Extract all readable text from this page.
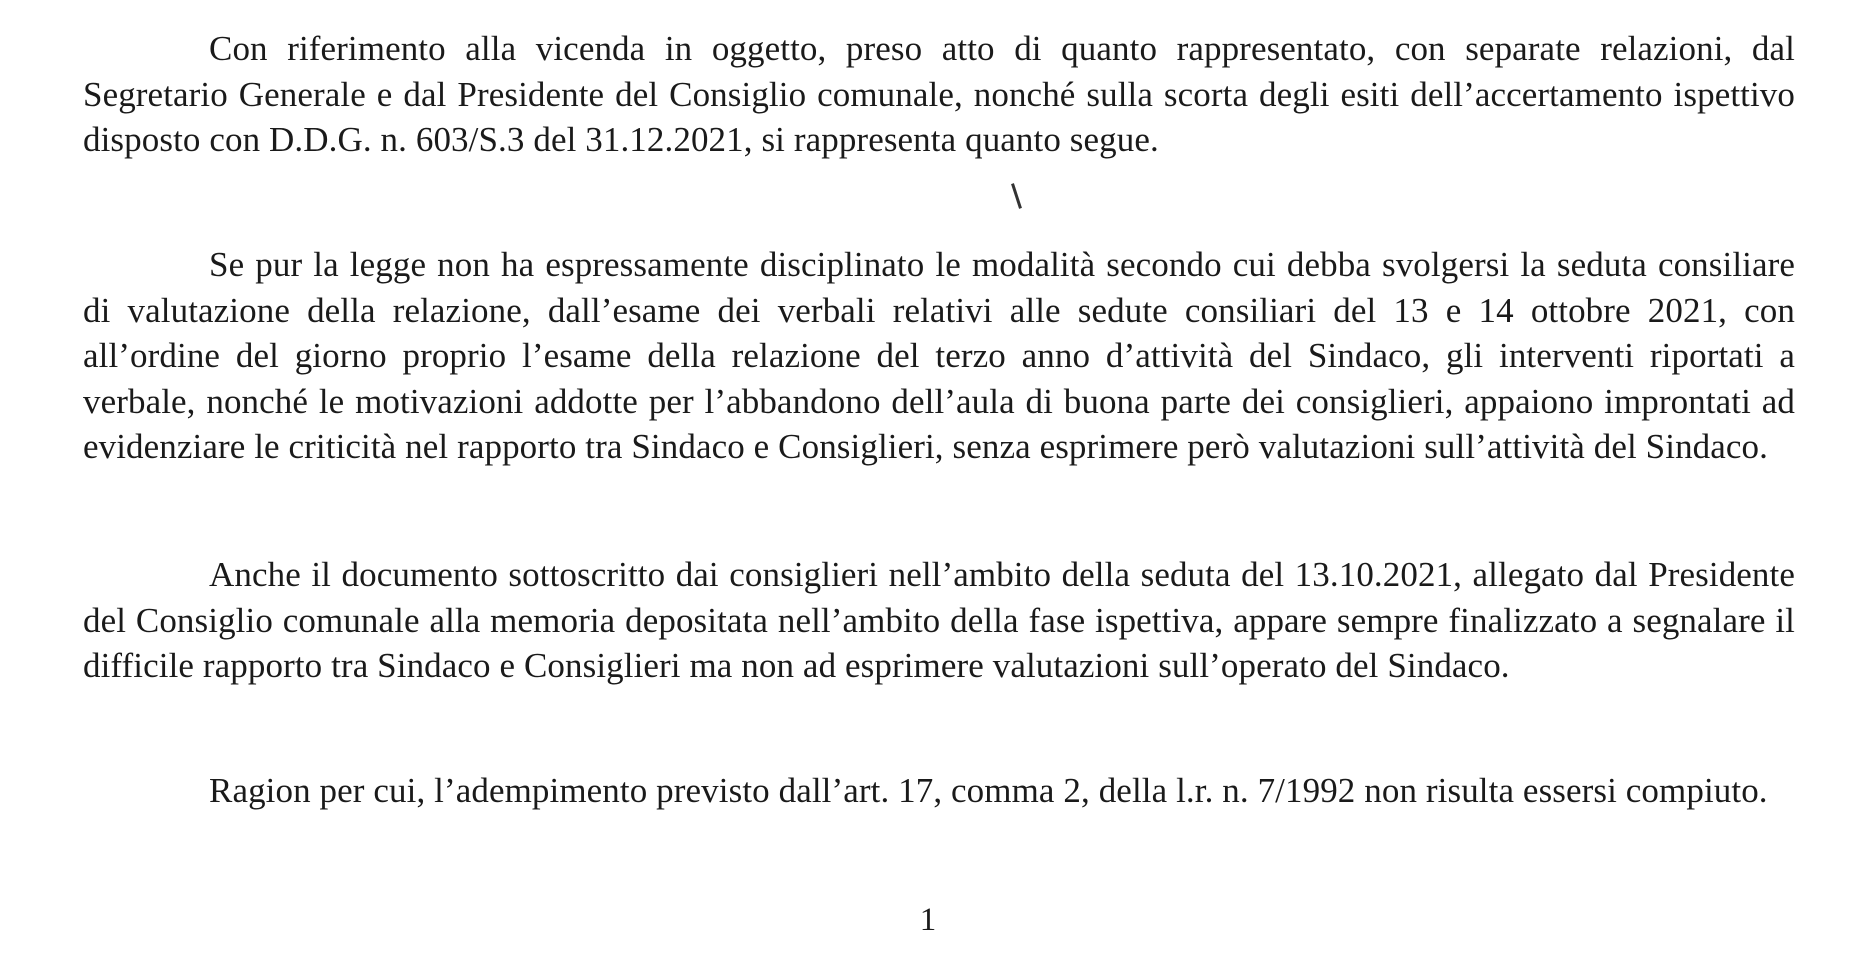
Con riferimento alla vicenda in oggetto, preso atto di quanto rappresentato, con separate relazioni, dal Segretario Generale e dal Presidente del Consiglio comunale, nonché sulla scorta degli esiti dell’accertamento ispettivo disposto con D.D.G. n. 603/S.3 del 31.12.2021, si rappresenta quanto segue.

Se pur la legge non ha espressamente disciplinato le modalità secondo cui debba svolgersi la seduta consiliare di valutazione della relazione, dall’esame dei verbali relativi alle sedute consiliari del 13 e 14 ottobre 2021, con all’ordine del giorno proprio l’esame della relazione del terzo anno d’attività del Sindaco, gli interventi riportati a verbale, nonché le motivazioni addotte per l’abbandono dell’aula di buona parte dei consiglieri, appaiono improntati ad evidenziare le criticità nel rapporto tra Sindaco e Consiglieri, senza esprimere però valutazioni sull’attività del Sindaco.

Anche il documento sottoscritto dai consiglieri nell’ambito della seduta del 13.10.2021, allegato dal Presidente del Consiglio comunale alla memoria depositata nell’ambito della fase ispettiva, appare sempre finalizzato a segnalare il difficile rapporto tra Sindaco e Consiglieri ma non ad esprimere valutazioni sull’operato del Sindaco.

Ragion per cui, l’adempimento previsto dall’art. 17, comma 2, della l.r. n. 7/1992 non risulta essersi compiuto.

1
